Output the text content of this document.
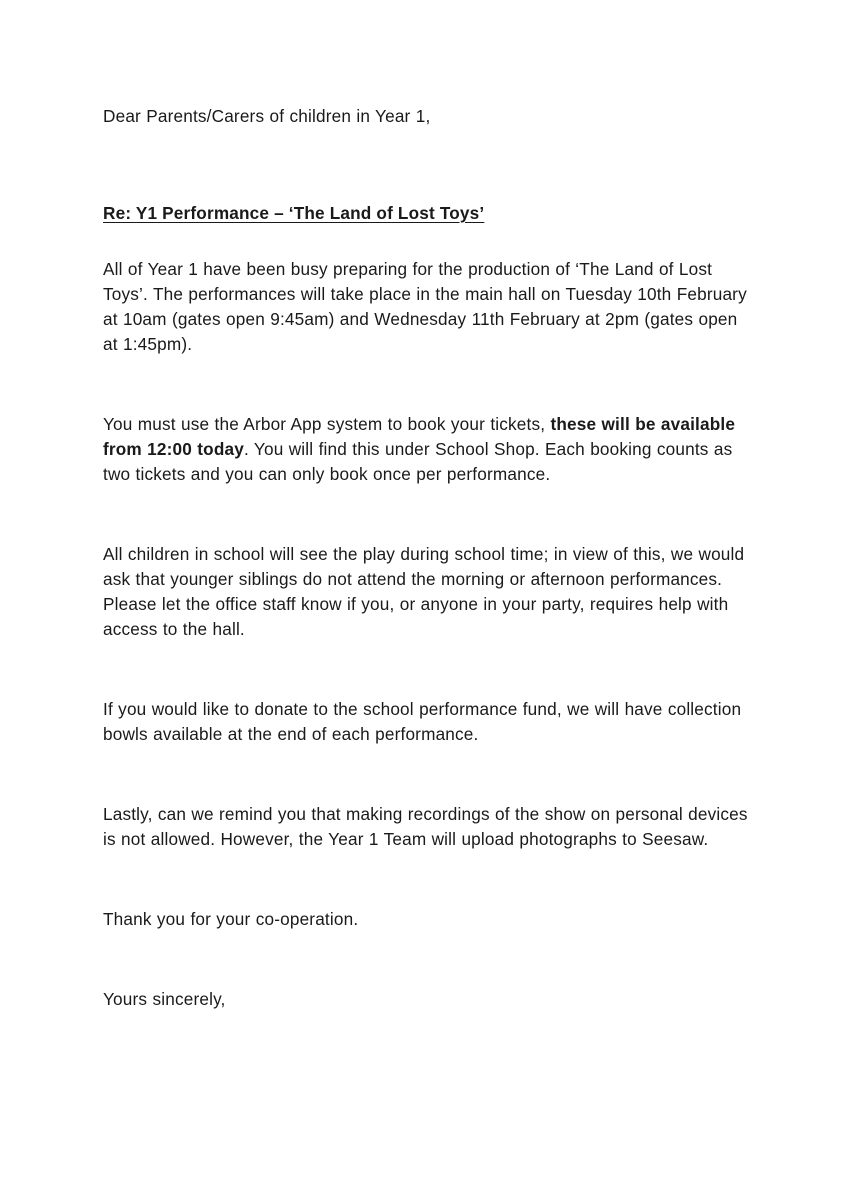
Dear Parents/Carers of children in Year 1,

Re: Y1 Performance – ‘The Land of Lost Toys’

All of Year 1 have been busy preparing for the production of ‘The Land of Lost Toys’. The performances will take place in the main hall on Tuesday 10th February at 10am (gates open 9:45am) and Wednesday 11th February at 2pm (gates open at 1:45pm).

You must use the Arbor App system to book your tickets, these will be available from 12:00 today. You will find this under School Shop. Each booking counts as two tickets and you can only book once per performance.

All children in school will see the play during school time; in view of this, we would ask that younger siblings do not attend the morning or afternoon performances. Please let the office staff know if you, or anyone in your party, requires help with access to the hall.

If you would like to donate to the school performance fund, we will have collection bowls available at the end of each performance.

Lastly, can we remind you that making recordings of the show on personal devices is not allowed. However, the Year 1 Team will upload photographs to Seesaw.

Thank you for your co-operation.

Yours sincerely,
